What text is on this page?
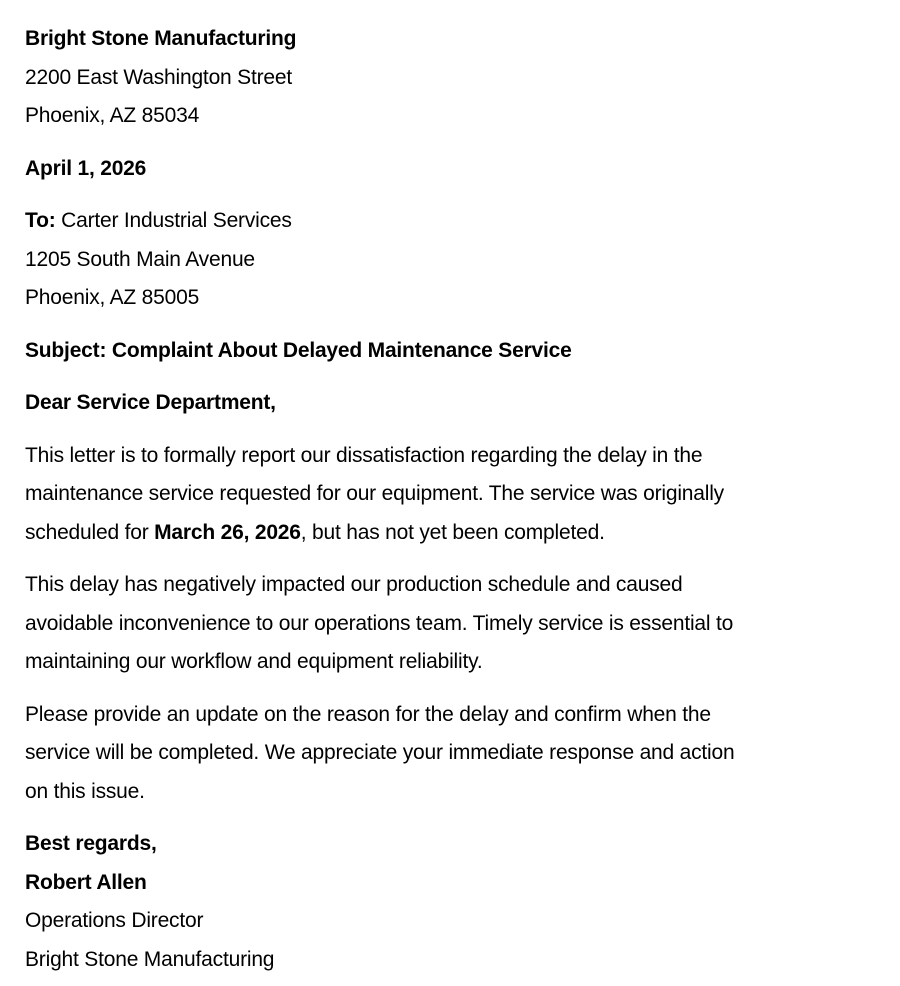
Bright Stone Manufacturing
2200 East Washington Street
Phoenix, AZ 85034
April 1, 2026
To: Carter Industrial Services
1205 South Main Avenue
Phoenix, AZ 85005
Subject: Complaint About Delayed Maintenance Service
Dear Service Department,
This letter is to formally report our dissatisfaction regarding the delay in the
maintenance service requested for our equipment. The service was originally
scheduled for March 26, 2026, but has not yet been completed.
This delay has negatively impacted our production schedule and caused
avoidable inconvenience to our operations team. Timely service is essential to
maintaining our workflow and equipment reliability.
Please provide an update on the reason for the delay and confirm when the
service will be completed. We appreciate your immediate response and action
on this issue.
Best regards,
Robert Allen
Operations Director
Bright Stone Manufacturing
